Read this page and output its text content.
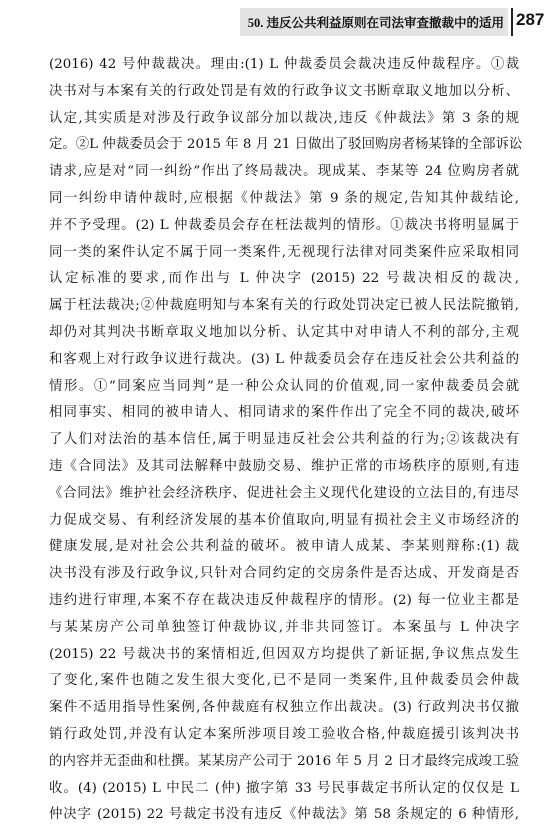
50. 违反公共利益原则在司法审查撤裁中的适用 287
(2016) 42 号仲裁裁决。理由:(1) L 仲裁委员会裁决违反仲裁程序。①裁
决书对与本案有关的行政处罚是有效的行政争议文书断章取义地加以分析、
认定,其实质是对涉及行政争议部分加以裁决,违反《仲裁法》第 3 条的规
定。②L 仲裁委员会于 2015 年 8 月 21 日做出了驳回购房者杨某锋的全部诉讼
请求,应是对“同一纠纷”作出了终局裁决。现成某、李某等 24 位购房者就
同一纠纷申请仲裁时,应根据《仲裁法》第 9 条的规定,告知其仲裁结论,
并不予受理。(2) L 仲裁委员会存在枉法裁判的情形。①裁决书将明显属于
同一类的案件认定不属于同一类案件,无视现行法律对同类案件应采取相同
认定标准的要求,而作出与 L 仲决字 (2015) 22 号裁决相反的裁决,
属于枉法裁决;②仲裁庭明知与本案有关的行政处罚决定已被人民法院撤销,
却仍对其判决书断章取义地加以分析、认定其中对申请人不利的部分,主观
和客观上对行政争议进行裁决。(3) L 仲裁委员会存在违反社会公共利益的
情形。①“同案应当同判”是一种公众认同的价值观,同一家仲裁委员会就
相同事实、相同的被申请人、相同请求的案件作出了完全不同的裁决,破坏
了人们对法治的基本信任,属于明显违反社会公共利益的行为;②该裁决有
违《合同法》及其司法解释中鼓励交易、维护正常的市场秩序的原则,有违
《合同法》维护社会经济秩序、促进社会主义现代化建设的立法目的,有违尽
力促成交易、有利经济发展的基本价值取向,明显有损社会主义市场经济的
健康发展,是对社会公共利益的破坏。被申请人成某、李某则辩称:(1) 裁
决书没有涉及行政争议,只针对合同约定的交房条件是否达成、开发商是否
违约进行审理,本案不存在裁决违反仲裁程序的情形。(2) 每一位业主都是
与某某房产公司单独签订仲裁协议,并非共同签订。本案虽与 L 仲决字
(2015) 22 号裁决书的案情相近,但因双方均提供了新证据,争议焦点发生
了变化,案件也随之发生很大变化,已不是同一类案件,且仲裁委员会仲裁
案件不适用指导性案例,各仲裁庭有权独立作出裁决。(3) 行政判决书仅撤
销行政处罚,并没有认定本案所涉项目竣工验收合格,仲裁庭援引该判决书
的内容并无歪曲和杜撰。某某房产公司于 2016 年 5 月 2 日才最终完成竣工验
收。(4) (2015) L 中民二 (仲) 撤字第 33 号民事裁定书所认定的仅仅是 L
仲决字 (2015) 22 号裁定书没有违反《仲裁法》第 58 条规定的 6 种情形,
